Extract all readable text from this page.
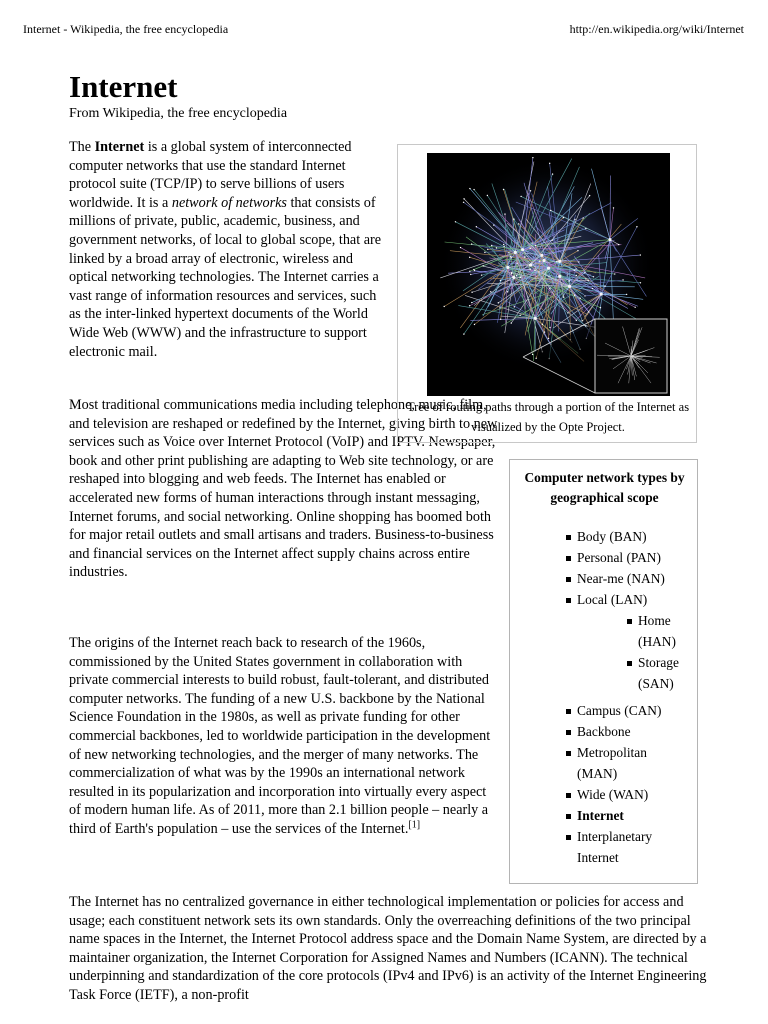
Internet - Wikipedia, the free encyclopedia	http://en.wikipedia.org/wiki/Internet
Internet
From Wikipedia, the free encyclopedia

The Internet is a global system of interconnected computer networks that use the standard Internet protocol suite (TCP/IP) to serve billions of users worldwide. It is a network of networks that consists of millions of private, public, academic, business, and government networks, of local to global scope, that are linked by a broad array of electronic, wireless and optical networking technologies. The Internet carries a vast range of information resources and services, such as the inter-linked hypertext documents of the World Wide Web (WWW) and the infrastructure to support electronic mail.

Most traditional communications media including telephone, music, film, and television are reshaped or redefined by the Internet, giving birth to new services such as Voice over Internet Protocol (VoIP) and IPTV. Newspaper, book and other print publishing are adapting to Web site technology, or are reshaped into blogging and web feeds. The Internet has enabled or accelerated new forms of human interactions through instant messaging, Internet forums, and social networking. Online shopping has boomed both for major retail outlets and small artisans and traders. Business-to-business and financial services on the Internet affect supply chains across entire industries.

The origins of the Internet reach back to research of the 1960s, commissioned by the United States government in collaboration with private commercial interests to build robust, fault-tolerant, and distributed computer networks. The funding of a new U.S. backbone by the National Science Foundation in the 1980s, as well as private funding for other commercial backbones, led to worldwide participation in the development of new networking technologies, and the merger of many networks. The commercialization of what was by the 1990s an international network resulted in its popularization and incorporation into virtually every aspect of modern human life. As of 2011, more than 2.1 billion people – nearly a third of Earth's population – use the services of the Internet.[1]

The Internet has no centralized governance in either technological implementation or policies for access and usage; each constituent network sets its own standards. Only the overreaching definitions of the two principal name spaces in the Internet, the Internet Protocol address space and the Domain Name System, are directed by a maintainer organization, the Internet Corporation for Assigned Names and Numbers (ICANN). The technical underpinning and standardization of the core protocols (IPv4 and IPv6) is an activity of the Internet Engineering Task Force (IETF), a non-profit

Tree of routing paths through a portion of the Internet as visualized by the Opte Project.
Computer network types by geographical scope
Body (BAN)
Personal (PAN)
Near-me (NAN)
Local (LAN)
Home (HAN)
Storage (SAN)
Campus (CAN)
Backbone
Metropolitan (MAN)
Wide (WAN)
Internet
Interplanetary Internet
